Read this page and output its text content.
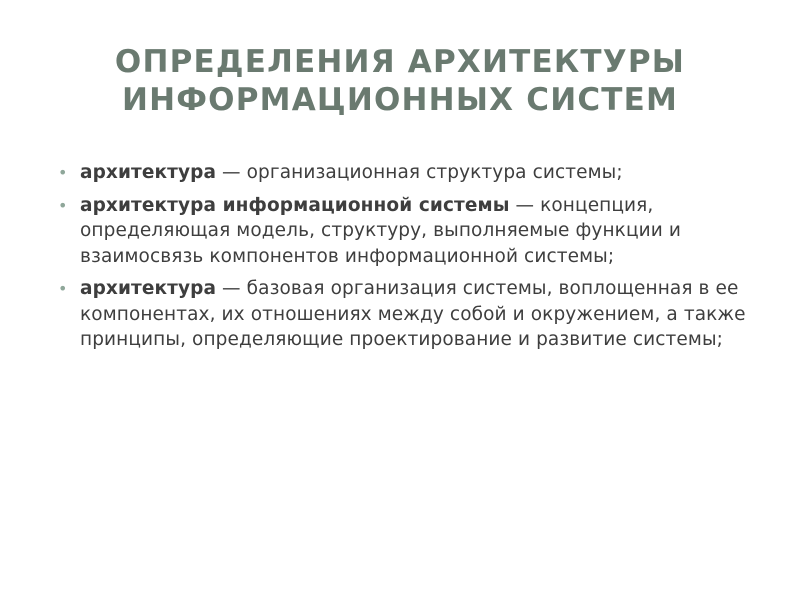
ОПРЕДЕЛЕНИЯ АРХИТЕКТУРЫ
ИНФОРМАЦИОННЫХ СИСТЕМ
• архитектура — организационная структура системы;
• архитектура информационной системы — концепция, определяющая модель, структуру, выполняемые функции и взаимосвязь компонентов информационной системы;
• архитектура — базовая организация системы, воплощенная в ее компонентах, их отношениях между собой и окружением, а также принципы, определяющие проектирование и развитие системы;
